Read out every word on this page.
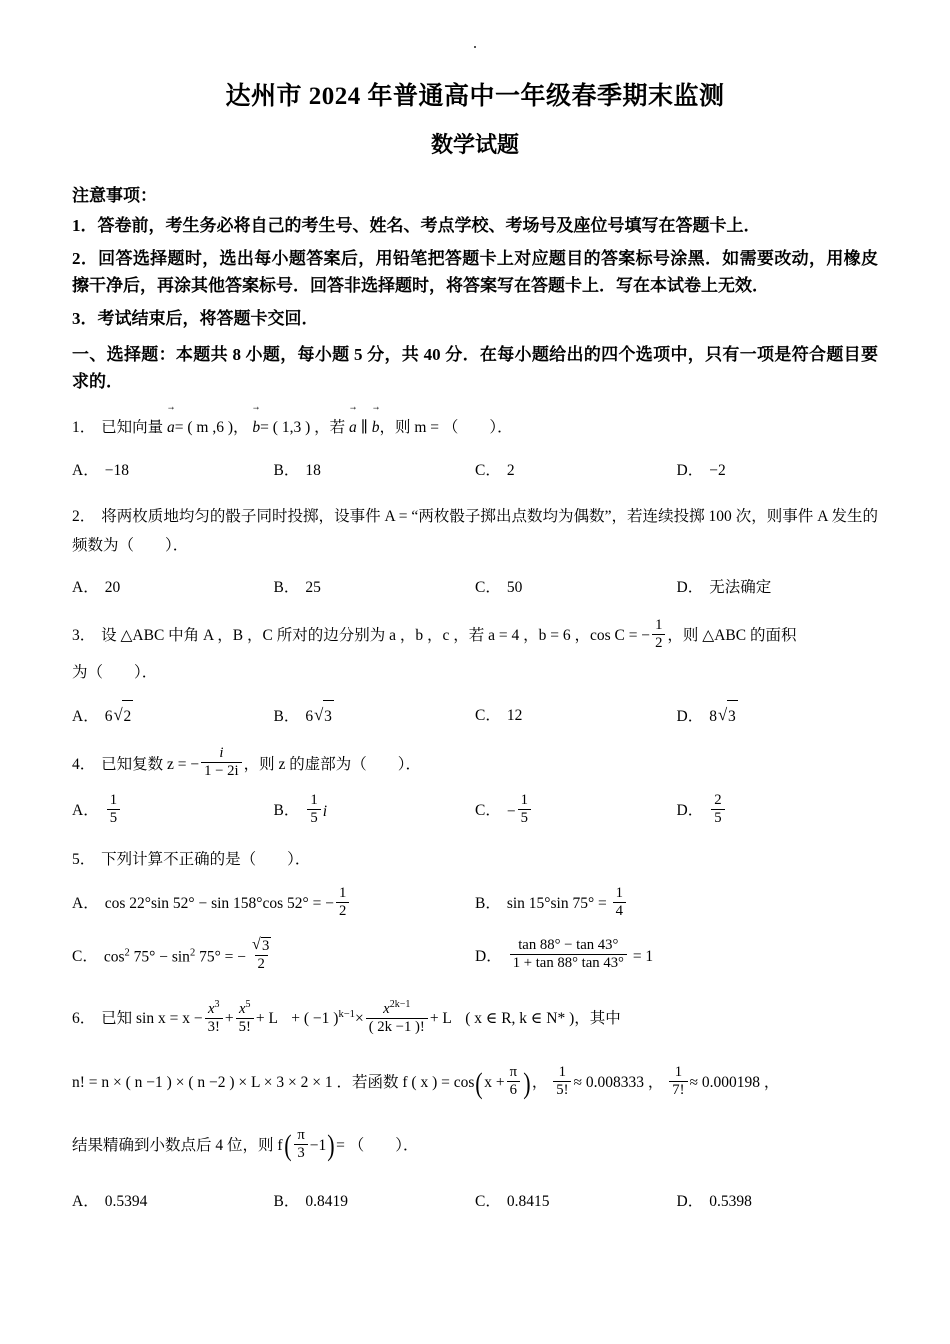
达州市 2024 年普通高中一年级春季期末监测
数学试题
注意事项：
1．答卷前，考生务必将自己的考生号、姓名、考点学校、考场号及座位号填写在答题卡上．
2．回答选择题时，选出每小题答案后，用铅笔把答题卡上对应题目的答案标号涂黑．如需要改动，用橡皮擦干净后，再涂其他答案标号．回答非选择题时，将答案写在答题卡上．写在本试卷上无效．
3．考试结束后，将答题卡交回．
一、选择题：本题共 8 小题，每小题 5 分，共 40 分．在每小题给出的四个选项中，只有一项是符合题目要求的．
1． 已知向量 → a= ( m ,6 )， → b= ( 1,3 ) ，若 → a ∥ → b，则 m = （　　）．
A． −18	B． 18	C． 2	D． −2
2． 将两枚质地均匀的骰子同时投掷，设事件 A = “两枚骰子掷出点数均为偶数”，若连续投掷 100 次，则事件 A 发生的频数为（　　）．
A． 20	B． 25	C． 50	D． 无法确定
3． 设 △ABC 中角 A ，B ，C 所对的边分别为 a ，b ，c ，若 a = 4 ，b = 6 ，cos C = − $\frac{1}{2}$ ，则 △ABC 的面积
为（　　）．
A． 6 √ 2	B． 6 √ 3	C． 12	D． 8 √ 3
4． 已知复数 z = − $\frac{i}{1 - 2i}$ ，则 z 的虚部为（　　）．
A． $\frac{1}{5}$	B． $\frac{1}{5}$ i	C． − $\frac{1}{5}$	D． $\frac{2}{5}$
5． 下列计算不正确的是（　　）．
A． cos 22°sin 52° − sin 158°cos 52° = − $\frac{1}{2}$	B． sin 15°sin $75^\circ = \frac{1}{4}$
C． $\cos^2 75^\circ - \sin^2 75^\circ$ = − √ $\frac{3}{2}$	D． $\frac{\tan 88^\circ - \tan 43^\circ}{1 + \tan 88^\circ \tan 43^\circ} = 1$
6． 已知 $\sin x = x - \frac{x^3}{3!} + \frac{x^5}{5!} + L$ + ( −1 )$^{k-1}\times \frac{x^{2k-1}}{( 2k -1 )!} + L$ ( x ∈ R, k ∈ N* )，其中
n! = n × ( n −1 ) × ( n −2 ) × L × 3 × 2 × 1 ．若函数 f ( x ) = cos ( $x + \frac{\pi}{6}$ ) ， $\frac{1}{5!} \approx 0.008333$ ， $\frac{1}{7!} \approx 0.000198$ ，
结果精确到小数点后 4 位，则 f ( $\frac{\pi}{3} -1$ ) = （　　）．
A． 0.5394	B． 0.8419	C． 0.8415	D． 0.5398
